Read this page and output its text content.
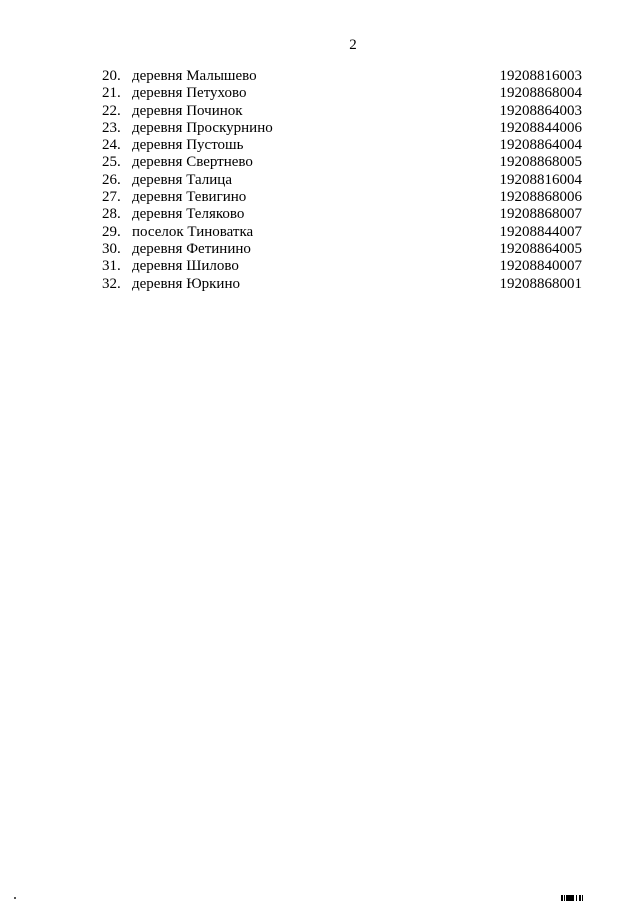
2
20. деревня Малышево	19208816003
21. деревня Петухово	19208868004
22. деревня Починок	19208864003
23. деревня Проскурнино	19208844006
24. деревня Пустошь	19208864004
25. деревня Свертнево	19208868005
26. деревня Талица	19208816004
27. деревня Тевигино	19208868006
28. деревня Теляково	19208868007
29. поселок Тиноватка	19208844007
30. деревня Фетинино	19208864005
31. деревня Шилово	19208840007
32. деревня Юркино	19208868001
